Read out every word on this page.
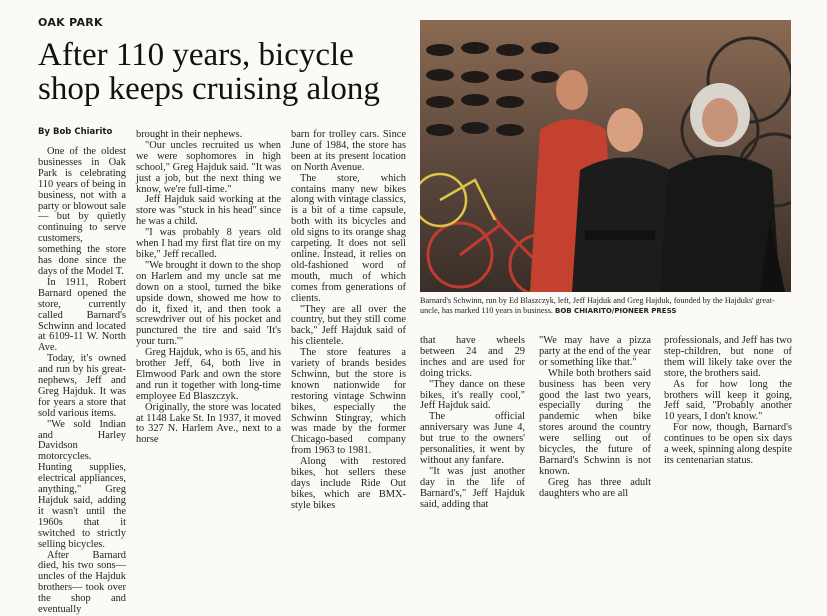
OAK PARK
After 110 years, bicycle shop keeps cruising along
By Bob Chiarito

One of the oldest businesses in Oak Park is celebrating 110 years of being in business, not with a party or blowout sale — but by quietly continuing to serve customers, something the store has done since the days of the Model T.

In 1911, Robert Barnard opened the store, currently called Barnard's Schwinn and located at 6109-11 W. North Ave.

Today, it's owned and run by his great-nephews, Jeff and Greg Hajduk. It was for years a store that sold various items.

"We sold Indian and Harley Davidson motorcycles. Hunting supplies, electrical appliances, anything," Greg Hajduk said, adding it wasn't until the 1960s that it switched to strictly selling bicycles.

After Barnard died, his two sons—uncles of the Hajduk brothers— took over the shop and eventually

brought in their nephews.

"Our uncles recruited us when we were sophomores in high school," Greg Hajduk said. "It was just a job, but the next thing we know, we're full-time."

Jeff Hajduk said working at the store was "stuck in his head" since he was a child.

"I was probably 8 years old when I had my first flat tire on my bike," Jeff recalled.

"We brought it down to the shop on Harlem and my uncle sat me down on a stool, turned the bike upside down, showed me how to do it, fixed it, and then took a screwdriver out of his pocket and punctured the tire and said 'It's your turn.'"

Greg Hajduk, who is 65, and his brother Jeff, 64, both live in Elmwood Park and own the store and run it together with long-time employee Ed Blaszczyk.

Originally, the store was located at 1148 Lake St. In 1937, it moved to 327 N. Harlem Ave., next to a horse

barn for trolley cars. Since June of 1984, the store has been at its present location on North Avenue.

The store, which contains many new bikes along with vintage classics, is a bit of a time capsule, both with its bicycles and old signs to its orange shag carpeting. It does not sell online. Instead, it relies on old-fashioned word of mouth, much of which comes from generations of clients.

"They are all over the country, but they still come back," Jeff Hajduk said of his clientele.

The store features a variety of brands besides Schwinn, but the store is known nationwide for restoring vintage Schwinn bikes, especially the Schwinn Stingray, which was made by the former Chicago-based company from 1963 to 1981.

Along with restored bikes, hot sellers these days include Ride Out bikes, which are BMX-style bikes

Barnard's Schwinn, run by Ed Blaszczyk, left, Jeff Hajduk and Greg Hajduk, founded by the Hajduks' great-uncle, has marked 110 years in business. BOB CHIARITO/PIONEER PRESS

that have wheels between 24 and 29 inches and are used for doing tricks.

"They dance on these bikes, it's really cool," Jeff Hajduk said.

The official anniversary was June 4, but true to the owners' personalities, it went by without any fanfare.

"It was just another day in the life of Barnard's," Jeff Hajduk said, adding that

"We may have a pizza party at the end of the year or something like that."

While both brothers said business has been very good the last two years, especially during the pandemic when bike stores around the country were selling out of bicycles, the future of Barnard's Schwinn is not known.

Greg has three adult daughters who are all

professionals, and Jeff has two step-children, but none of them will likely take over the store, the brothers said.

As for how long the brothers will keep it going, Jeff said, "Probably another 10 years, I don't know."

For now, though, Barnard's continues to be open six days a week, spinning along despite its centenarian status.
